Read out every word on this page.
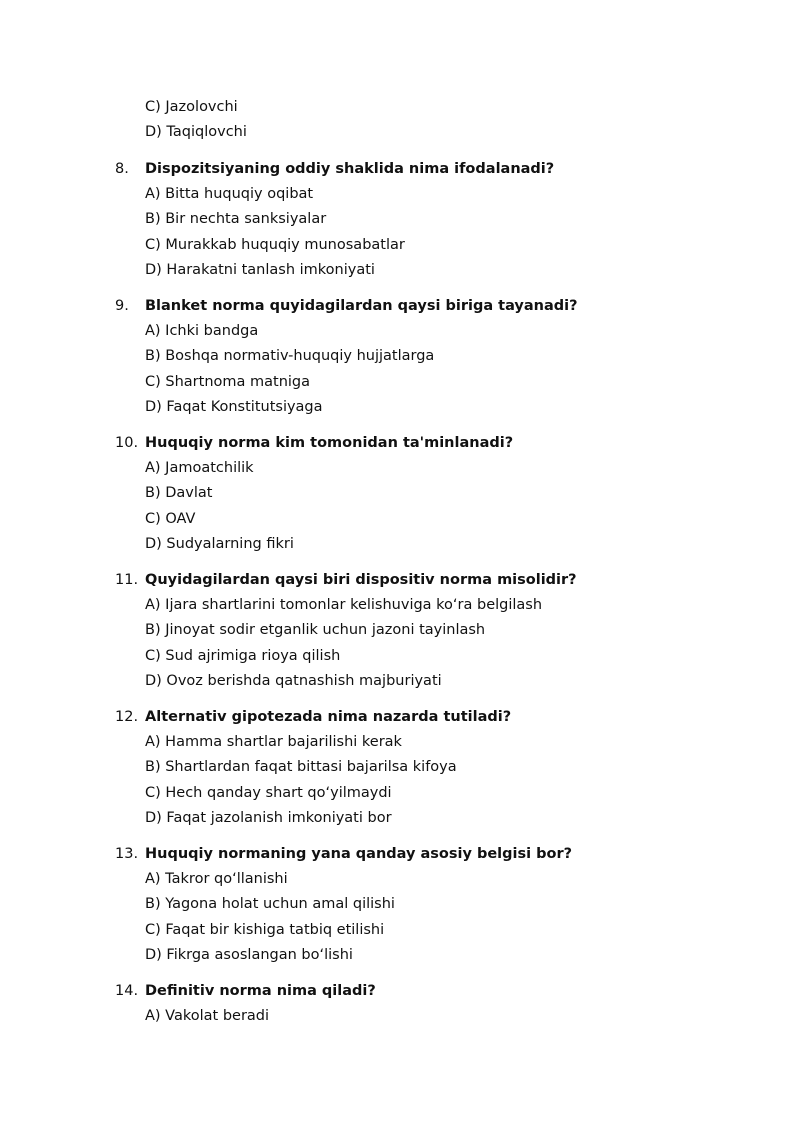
C) Jazolovchi
D) Taqiqlovchi
8. Dispozitsiyaning oddiy shaklida nima ifodalanadi?
A) Bitta huquqiy oqibat
B) Bir nechta sanksiyalar
C) Murakkab huquqiy munosabatlar
D) Harakatni tanlash imkoniyati
9. Blanket norma quyidagilardan qaysi biriga tayanadi?
A) Ichki bandga
B) Boshqa normativ-huquqiy hujjatlarga
C) Shartnoma matniga
D) Faqat Konstitutsiyaga
10. Huquqiy norma kim tomonidan ta'minlanadi?
A) Jamoatchilik
B) Davlat
C) OAV
D) Sudyalarning fikri
11. Quyidagilardan qaysi biri dispositiv norma misolidir?
A) Ijara shartlarini tomonlar kelishuviga ko‘ra belgilash
B) Jinoyat sodir etganlik uchun jazoni tayinlash
C) Sud ajrimiga rioya qilish
D) Ovoz berishda qatnashish majburiyati
12. Alternativ gipotezada nima nazarda tutiladi?
A) Hamma shartlar bajarilishi kerak
B) Shartlardan faqat bittasi bajarilsa kifoya
C) Hech qanday shart qo‘yilmaydi
D) Faqat jazolanish imkoniyati bor
13. Huquqiy normaning yana qanday asosiy belgisi bor?
A) Takror qo‘llanishi
B) Yagona holat uchun amal qilishi
C) Faqat bir kishiga tatbiq etilishi
D) Fikrga asoslangan bo‘lishi
14. Definitiv norma nima qiladi?
A) Vakolat beradi
